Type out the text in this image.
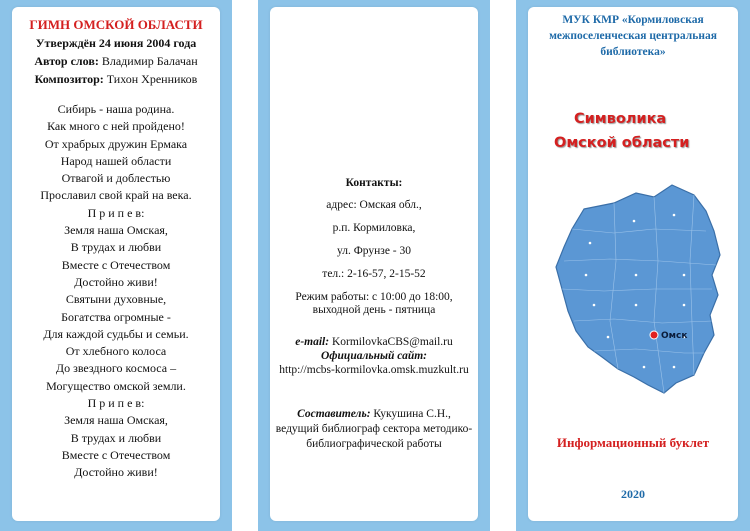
ГИМН ОМСКОЙ ОБЛАСТИ
Утверждён 24 июня 2004 года
Автор слов: Владимир Балачан
Композитор: Тихон Хренников
Сибирь - наша родина.
Как много с ней пройдено!
От храбрых дружин Ермака
Народ нашей области
Отвагой и доблестью
Прославил свой край на века.
П р и п е в:
Земля наша Омская,
В трудах и любви
Вместе с Отечеством
Достойно живи!
Святыни духовные,
Богатства огромные -
Для каждой судьбы и семьи.
От хлебного колоса
До звездного космоса –
Могущество омской земли.
П р и п е в:
Земля наша Омская,
В трудах и любви
Вместе с Отечеством
Достойно живи!
Контакты:
адрес: Омская обл.,
р.п. Кормиловка,
ул. Фрунзе - 30
тел.: 2-16-57, 2-15-52
Режим работы: с 10:00 до 18:00,
выходной день - пятница
e-mail: KormilovkaCBS@mail.ru
Официальный сайт:
http://mcbs-kormilovka.omsk.muzkult.ru
Составитель: Кукушина С.Н.,
ведущий библиограф сектора методико-
библиографической работы
МУК КМР «Кормиловская межпоселенческая центральная библиотека»
Символика
Омской области
Омск
Информационный буклет
2020
